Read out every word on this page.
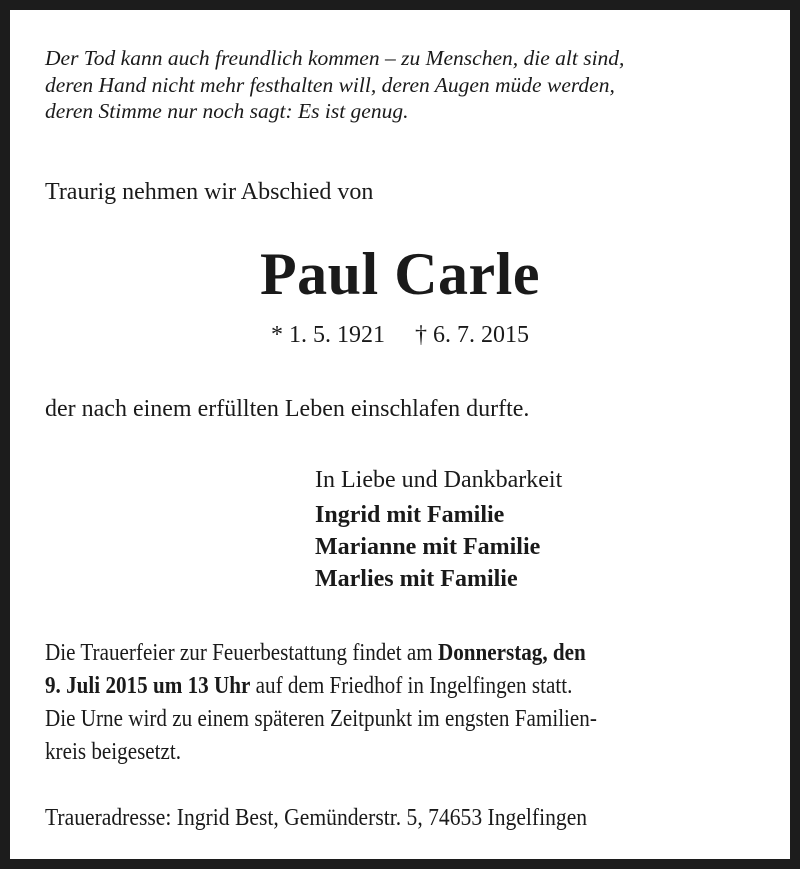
Der Tod kann auch freundlich kommen – zu Menschen, die alt sind,
deren Hand nicht mehr festhalten will, deren Augen müde werden,
deren Stimme nur noch sagt: Es ist genug.
Traurig nehmen wir Abschied von
Paul Carle
* 1. 5. 1921 † 6. 7. 2015
der nach einem erfüllten Leben einschlafen durfte.
In Liebe und Dankbarkeit
Ingrid mit Familie
Marianne mit Familie
Marlies mit Familie
Die Trauerfeier zur Feuerbestattung findet am Donnerstag, den
9. Juli 2015 um 13 Uhr auf dem Friedhof in Ingelfingen statt.
Die Urne wird zu einem späteren Zeitpunkt im engsten Familien-
kreis beigesetzt.
Traueradresse: Ingrid Best, Gemünderstr. 5, 74653 Ingelfingen
